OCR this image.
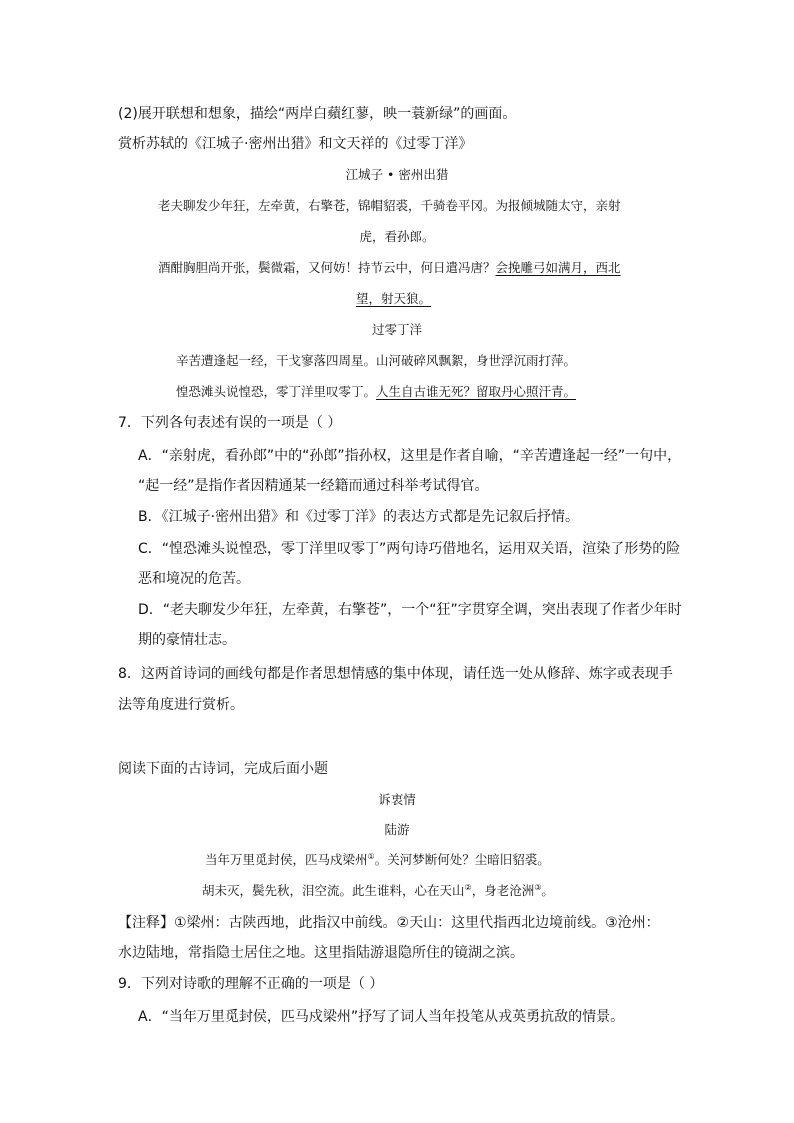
(2)展开联想和想象，描绘“两岸白蘋红蓼，映一蓑新绿”的画面。
赏析苏轼的《江城子·密州出猎》和文天祥的《过零丁洋》
江城子 • 密州出猎
老夫聊发少年狂，左牵黄，右擎苍，锦帽貂裘，千骑卷平冈。为报倾城随太守，亲射
虎，看孙郎。
酒酣胸胆尚开张，鬓微霜，又何妨！持节云中，何日遣冯唐？会挽雕弓如满月，西北
望，射天狼。
过零丁洋
辛苦遭逢起一经，干戈寥落四周星。山河破碎风飘絮，身世浮沉雨打萍。
惶恐滩头说惶恐，零丁洋里叹零丁。人生自古谁无死？留取丹心照汗青。
7．下列各句表述有误的一项是（ ）
A．“亲射虎，看孙郎”中的“孙郎”指孙权，这里是作者自喻，“辛苦遭逢起一经”一句中，
“起一经”是指作者因精通某一经籍而通过科举考试得官。
B．《江城子·密州出猎》和《过零丁洋》的表达方式都是先记叙后抒情。
C．“惶恐滩头说惶恐，零丁洋里叹零丁”两句诗巧借地名，运用双关语，渲染了形势的险
恶和境况的危苦。
D．“老夫聊发少年狂，左牵黄，右擎苍”，一个“狂”字贯穿全调，突出表现了作者少年时
期的豪情壮志。
8．这两首诗词的画线句都是作者思想情感的集中体现，请任选一处从修辞、炼字或表现手
法等角度进行赏析。
阅读下面的古诗词，完成后面小题
诉衷情
陆游
当年万里觅封侯，匹马戍梁州①。关河梦断何处？尘暗旧貂裘。
胡未灭，鬓先秋，泪空流。此生谁料，心在天山②，身老沧洲③。
【注释】①梁州：古陕西地，此指汉中前线。②天山：这里代指西北边境前线。③沧州：
水边陆地，常指隐士居住之地。这里指陆游退隐所住的镜湖之滨。
9．下列对诗歌的理解不正确的一项是（ ）
A．“当年万里觅封侯，匹马戍梁州”抒写了词人当年投笔从戎英勇抗敌的情景。
